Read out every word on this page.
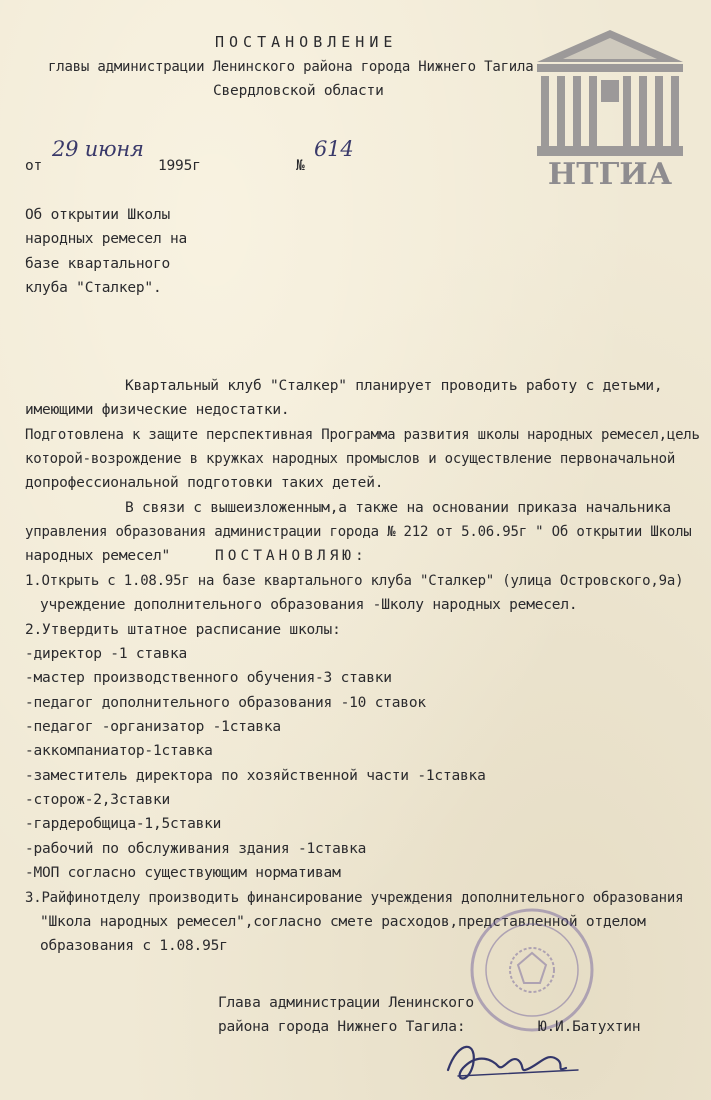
ПОСТАНОВЛЕНИЕ
главы администрации Ленинского района города Нижнего Тагила
Свердловской области
НТГИА
от
29 июня
1995г	№
614
Об открытии Школы
народных ремесел на
базе квартального
клуба "Сталкер".
Квартальный клуб "Сталкер" планирует проводить работу с детьми,
имеющими физические недостатки.
Подготовлена к защите перспективная Программа развития школы народных ремесел,цель
которой-возрождение в кружках народных промыслов и осуществление первоначальной
допрофессиональной подготовки таких детей.
В связи с вышеизложенным,а также на основании приказа начальника
управления образования администрации города № 212 от 5.06.95г " Об открытии Школы
народных ремесел"	ПОСТАНОВЛЯЮ:
1.Открыть с 1.08.95г на базе квартального клуба "Сталкер" (улица Островского,9а)
учреждение дополнительного образования -Школу народных ремесел.
2.Утвердить штатное расписание школы:
-директор -1 ставка
-мастер производственного обучения-3 ставки
-педагог дополнительного образования -10 ставок
-педагог -организатор -1ставка
-аккомпаниатор-1ставка
-заместитель директора по хозяйственной части -1ставка
-сторож-2,3ставки
-гардеробщица-1,5ставки
-рабочий по обслуживания здания -1ставка
-МОП согласно существующим нормативам
3.Райфинотделу производить финансирование учреждения дополнительного образования
"Школа народных ремесел",согласно смете расходов,представленной отделом
образования с 1.08.95г
Глава администрации Ленинского
района города Нижнего Тагила:	Ю.И.Батухтин
